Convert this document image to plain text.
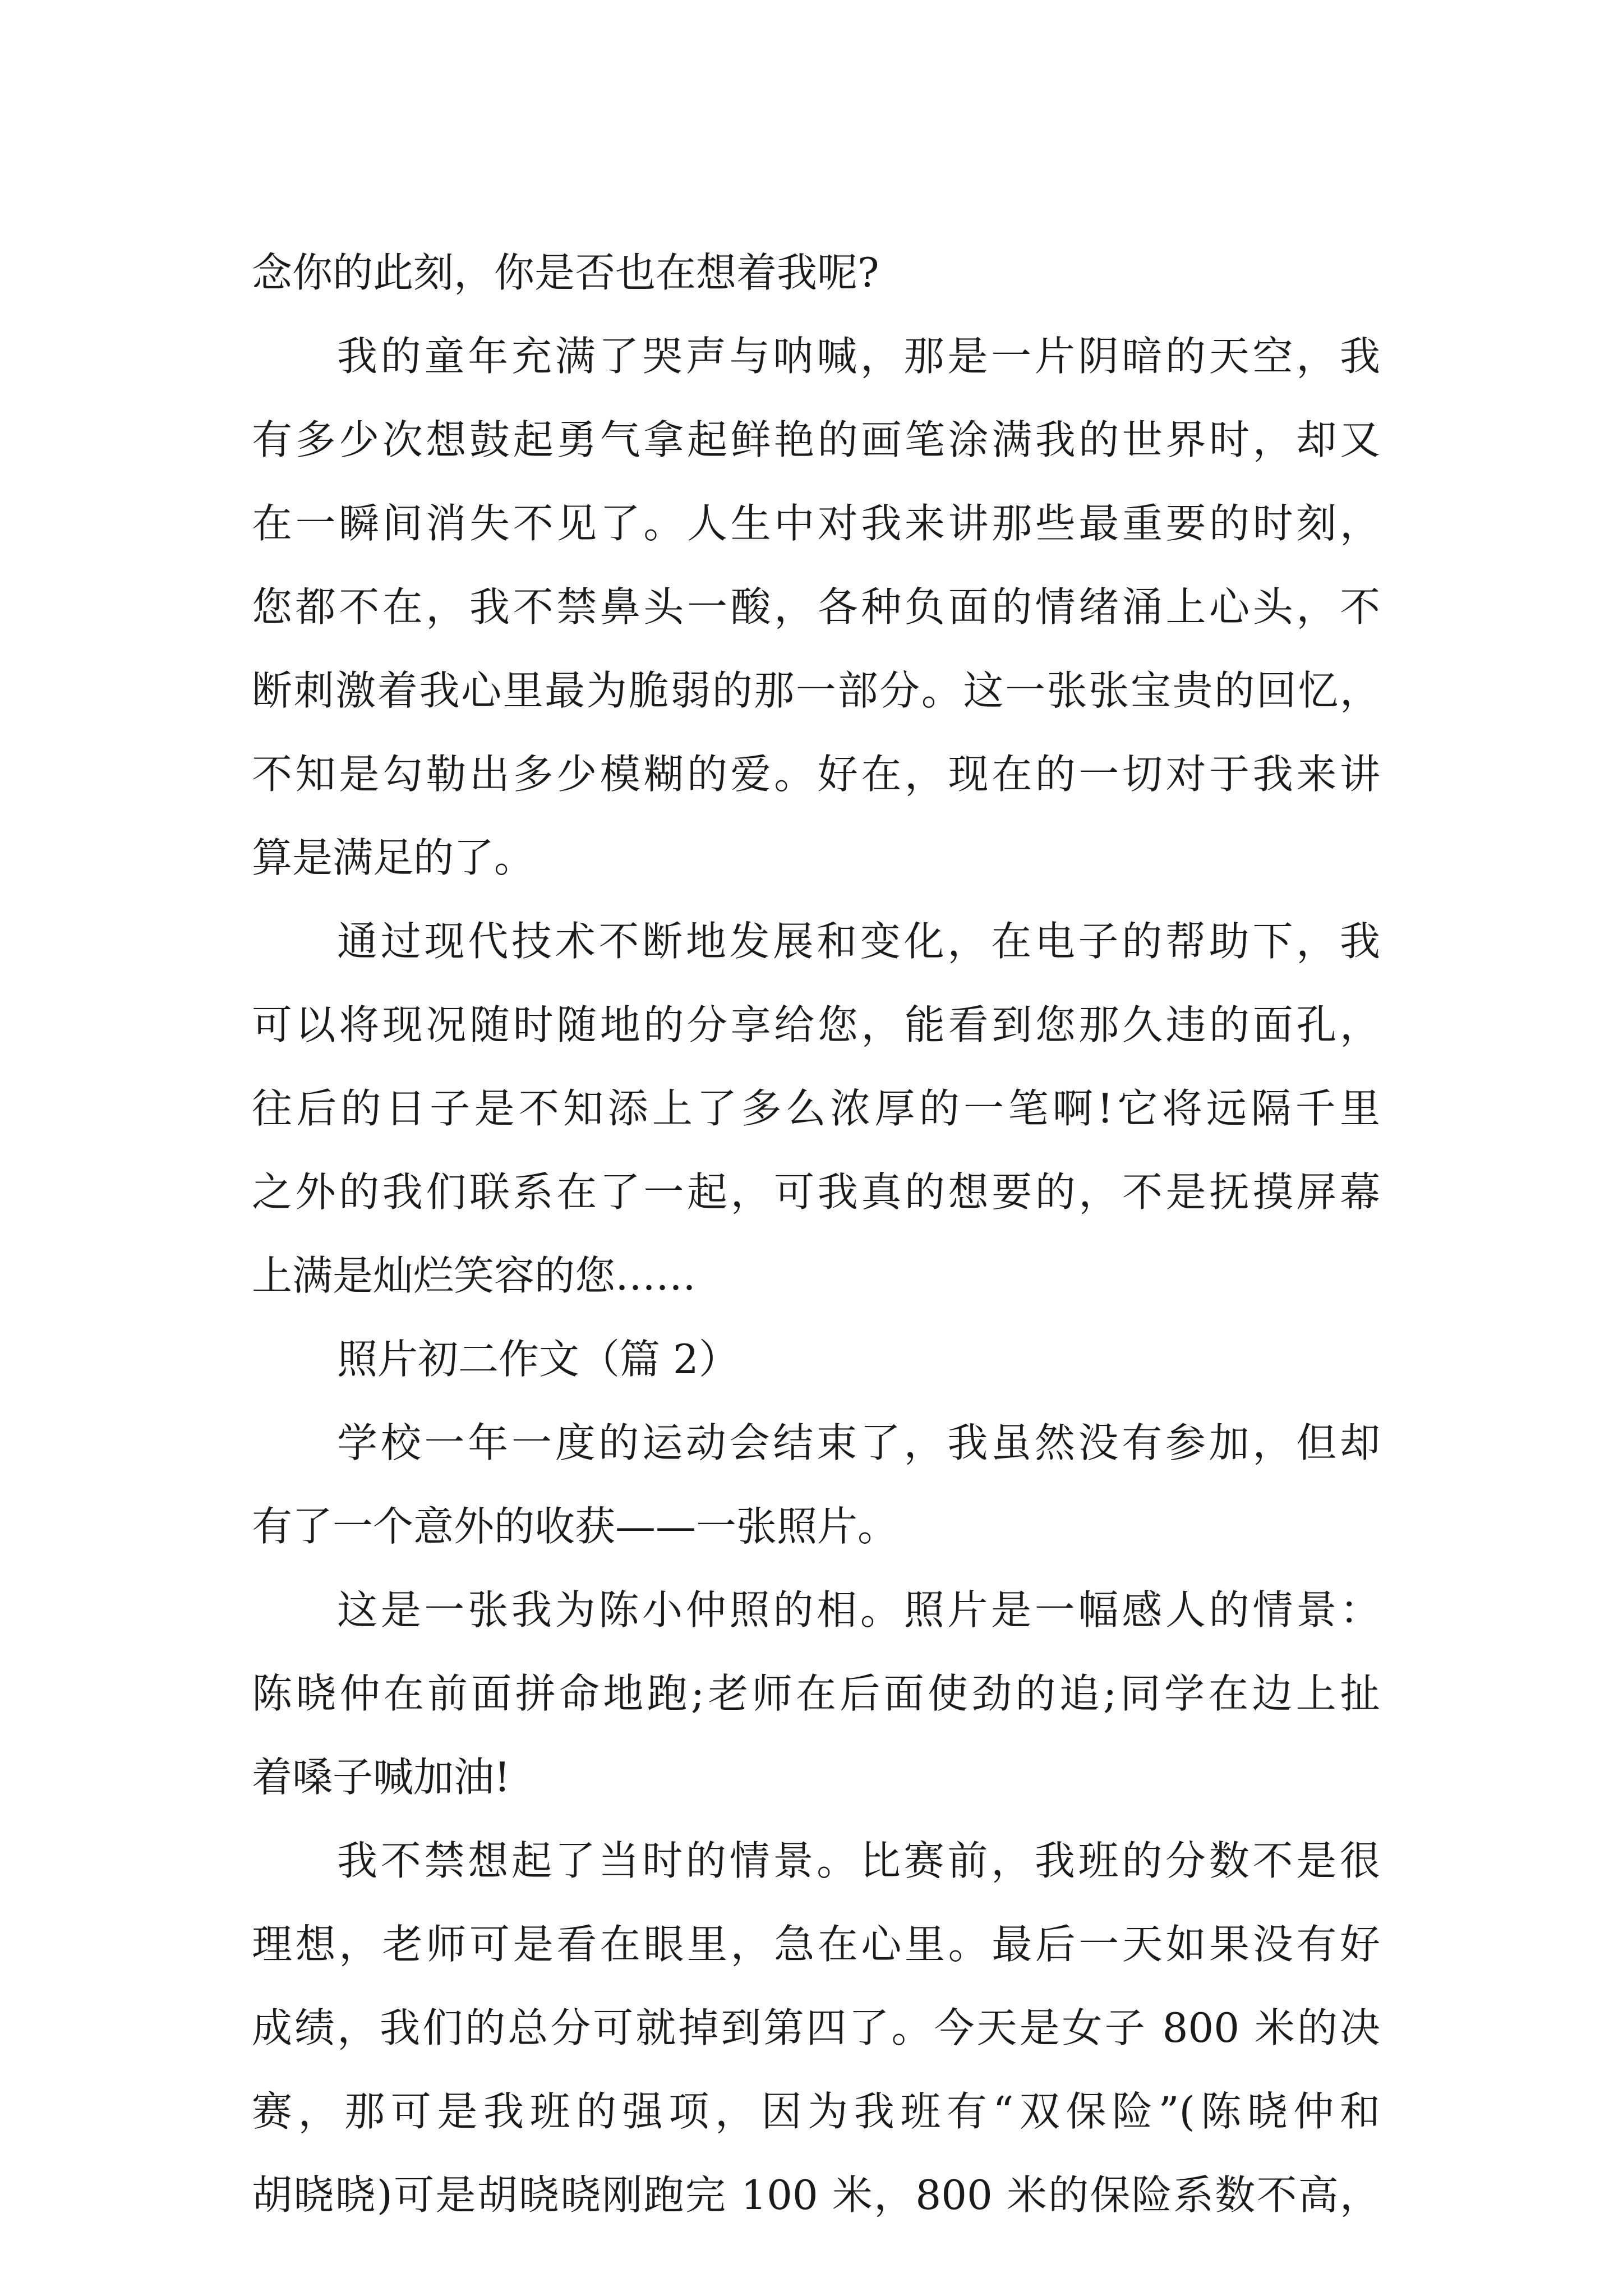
念你的此刻，你是否也在想着我呢?
我的童年充满了哭声与呐喊，那是一片阴暗的天空，我
有多少次想鼓起勇气拿起鲜艳的画笔涂满我的世界时，却又
在一瞬间消失不见了。人生中对我来讲那些最重要的时刻，
您都不在，我不禁鼻头一酸，各种负面的情绪涌上心头，不
断刺激着我心里最为脆弱的那一部分。这一张张宝贵的回忆，
不知是勾勒出多少模糊的爱。好在，现在的一切对于我来讲
算是满足的了。
通过现代技术不断地发展和变化，在电子的帮助下，我
可以将现况随时随地的分享给您，能看到您那久违的面孔，
往后的日子是不知添上了多么浓厚的一笔啊!它将远隔千里
之外的我们联系在了一起，可我真的想要的，不是抚摸屏幕
上满是灿烂笑容的您……
照片初二作文（篇 2）
学校一年一度的运动会结束了，我虽然没有参加，但却
有了一个意外的收获——一张照片。
这是一张我为陈小仲照的相。照片是一幅感人的情景：
陈晓仲在前面拼命地跑;老师在后面使劲的追;同学在边上扯
着嗓子喊加油!
我不禁想起了当时的情景。比赛前，我班的分数不是很
理想，老师可是看在眼里，急在心里。最后一天如果没有好
成绩，我们的总分可就掉到第四了。今天是女子 800 米的决
赛，那可是我班的强项，因为我班有“双保险”(陈晓仲和
胡晓晓)可是胡晓晓刚跑完 100 米，800 米的保险系数不高，
